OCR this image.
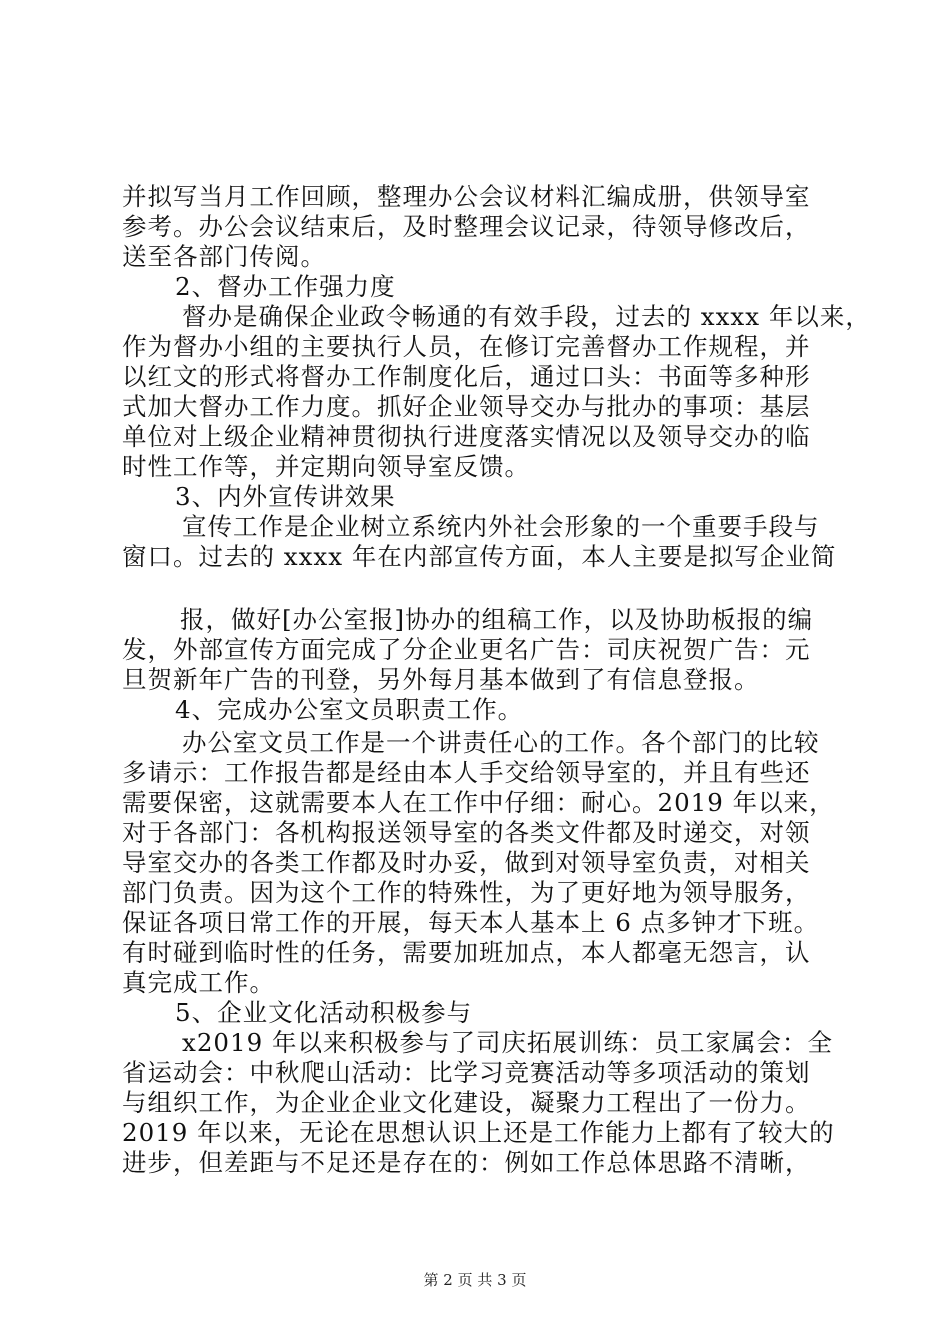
并拟写当月工作回顾，整理办公会议材料汇编成册，供领导室
参考。办公会议结束后，及时整理会议记录，待领导修改后，
送至各部门传阅。
2、督办工作强力度
督办是确保企业政令畅通的有效手段，过去的 xxxx 年以来，
作为督办小组的主要执行人员，在修订完善督办工作规程，并
以红文的形式将督办工作制度化后，通过口头：书面等多种形
式加大督办工作力度。抓好企业领导交办与批办的事项：基层
单位对上级企业精神贯彻执行进度落实情况以及领导交办的临
时性工作等，并定期向领导室反馈。
3、内外宣传讲效果
宣传工作是企业树立系统内外社会形象的一个重要手段与
窗口。过去的 xxxx 年在内部宣传方面，本人主要是拟写企业简
报，做好[办公室报]协办的组稿工作，以及协助板报的编
发，外部宣传方面完成了分企业更名广告：司庆祝贺广告：元
旦贺新年广告的刊登，另外每月基本做到了有信息登报。
4、完成办公室文员职责工作。
办公室文员工作是一个讲责任心的工作。各个部门的比较
多请示：工作报告都是经由本人手交给领导室的，并且有些还
需要保密，这就需要本人在工作中仔细：耐心。2019 年以来，
对于各部门：各机构报送领导室的各类文件都及时递交，对领
导室交办的各类工作都及时办妥，做到对领导室负责，对相关
部门负责。因为这个工作的特殊性，为了更好地为领导服务，
保证各项日常工作的开展，每天本人基本上 6 点多钟才下班。
有时碰到临时性的任务，需要加班加点，本人都毫无怨言，认
真完成工作。
5、企业文化活动积极参与
x2019 年以来积极参与了司庆拓展训练：员工家属会：全
省运动会：中秋爬山活动：比学习竞赛活动等多项活动的策划
与组织工作，为企业企业文化建设，凝聚力工程出了一份力。
2019 年以来，无论在思想认识上还是工作能力上都有了较大的
进步，但差距与不足还是存在的：例如工作总体思路不清晰，
第 2 页 共 3 页
